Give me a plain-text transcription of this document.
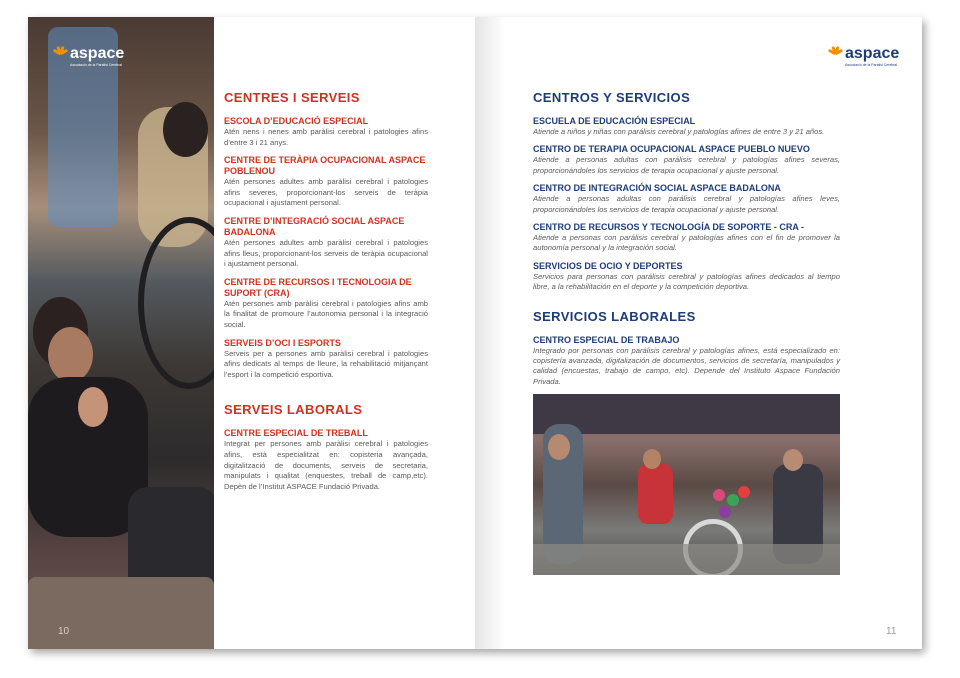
aspace
Associació de la Paràlisi Cerebral
CENTRES I SERVEIS
ESCOLA D’EDUCACIÓ ESPECIAL

Atén nens i nenes amb paràlisi cerebral i patologies afins d’entre 3 i 21 anys.

CENTRE DE TERÀPIA OCUPACIONAL ASPACE POBLENOU

Atén persones adultes amb paràlisi cerebral i patologies afins severes, proporcionant-los serveis de teràpia ocupacional i ajustament personal.

CENTRE D’INTEGRACIÓ SOCIAL ASPACE BADALONA

Atén persones adultes amb paràlisi cerebral i patologies afins lleus, proporcionant-los serveis de teràpia ocupacional i ajustament personal.

CENTRE DE RECURSOS I TECNOLOGIA DE SUPORT (CRA)

Atén persones amb paràlisi cerebral i patologies afins amb la finalitat de promoure l’autonomia personal i la integració social.

SERVEIS D’OCI I ESPORTS

Serveis per a persones amb paràlisi cerebral i patologies afins dedicats al temps de lleure, la rehabilitació mitjançant l’esport i la competició esportiva.

SERVEIS LABORALS
CENTRE ESPECIAL DE TREBALL

Integrat per persones amb paràlisi cerebral i patologies afins, està especialitzat en: copisteria avançada, digitalització de documents, serveis de secretaria, manipulats i qualitat (enquestes, treball de camp,etc). Depèn de l’Institut ASPACE Fundació Privada.

10
aspace
Associació de la Paràlisi Cerebral
CENTROS Y SERVICIOS
ESCUELA DE EDUCACIÓN ESPECIAL

Atiende a niños y niñas con parálisis cerebral y patologías afines de entre 3 y 21 años.

CENTRO DE TERAPIA OCUPACIONAL ASPACE PUEBLO NUEVO

Atiende a personas adultas con parálisis cerebral y patologías afines severas, proporcionándoles los servicios de terapia ocupacional y ajuste personal.

CENTRO DE INTEGRACIÓN SOCIAL ASPACE BADALONA

Atiende a personas adultas con parálisis cerebral y patologías afines leves, proporcionándoles los servicios de terapia ocupacional y ajuste personal.

CENTRO DE RECURSOS Y TECNOLOGÍA DE SOPORTE - CRA -

Atiende a personas con parálisis cerebral y patologías afines con el fin de promover la autonomía personal y la integración social.

SERVICIOS DE OCIO Y DEPORTES

Servicios para personas con parálisis cerebral y patologías afines dedicados al tiempo libre, a la rehabilitación en el deporte y la competición deportiva.

SERVICIOS LABORALES
CENTRO ESPECIAL DE TRABAJO

Integrado por personas con parálisis cerebral y patologías afines, está especializado en: copistería avanzada, digitalización de documentos, servicios de secretaría, manipulados y calidad (encuestas, trabajo de campo, etc). Depende del Instituto Aspace Fundación Privada.

11
